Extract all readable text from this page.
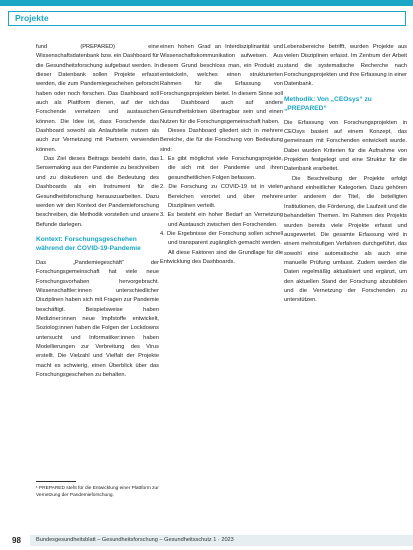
Projekte

fund (PREPARED) eine Wissenschaftsdatenbank bzw. ein Dashboard für die Gesundheitsforschung aufgebaut werden. In dieser Datenbank sollen Projekte erfasst werden, die zum Pandemiegeschehen geforscht haben oder noch forschen. Das Dashboard soll auch als Plattform dienen, auf der sich Forschende vernetzen und austauschen können. Die Idee ist, dass Forschende das Dashboard sowohl als Anlaufstelle nutzen als auch zur Vernetzung mit Partnern verwenden können.

Das Ziel dieses Beitrags besteht darin, das Sensemaking aus der Pandemie zu beschreiben und zu diskutieren und die Bedeutung des Dashboards als ein Instrument für die Gesundheitsforschung herauszuarbeiten. Dazu werden wir den Kontext der Pandemieforschung beschreiben, die Methodik vorstellen und unsere Befunde darlegen.

Kontext: Forschungsgeschehen während der COVID-19-Pandemie

Das „Pandemiegeschäft“ der Forschungsgemeinschaft hat viele neue Forschungsvorhaben hervorgebracht. Wissenschaftler:innen unterschiedlicher Disziplinen haben sich mit Fragen zur Pandemie beschäftigt. Beispielsweise haben Mediziner:innen neue Impfstoffe entwickelt, Soziolog:innen haben die Folgen der Lockdowns untersucht und Informatiker:innen haben Modellierungen zur Verbreitung des Virus erstellt. Die Vielzahl und Vielfalt der Projekte macht es schwierig, einen Überblick über das Forschungsgeschehen zu behalten.

einen hohen Grad an Interdisziplinarität und Wissenschaftskommunikation aufweisen. Aus diesem Grund beschloss man, ein Produkt zu entwickeln, welches einen strukturierten Rahmen für die Erfassung von Forschungsprojekten bietet. In diesem Sinne soll das Dashboard auch auf andere Gesundheitskrisen übertragbar sein und einen Nutzen für die Forschungsgemeinschaft haben.

Dieses Dashboard gliedert sich in mehrere Bereiche, die für die Forschung von Bedeutung sind:

1. Es gibt möglichst viele Forschungsprojekte, die sich mit der Pandemie und ihren gesundheitlichen Folgen befassen.

2. Die Forschung zu COVID-19 ist in vielen Bereichen verortet und über mehrere Disziplinen verteilt.

3. Es besteht ein hoher Bedarf an Vernetzung und Austausch zwischen den Forschenden.

4. Die Ergebnisse der Forschung sollen schnell und transparent zugänglich gemacht werden.

All diese Faktoren sind die Grundlage für die Entwicklung des Dashboards.

Lebensbereiche betrifft, wurden Projekte aus vielen Disziplinen erfasst. Im Zentrum der Arbeit stand die systematische Recherche nach Forschungsprojekten und ihre Erfassung in einer Datenbank.

Methodik: Von „CEOsys“ zu „PREPARED“

Die Erfassung von Forschungsprojekten in CEOsys basiert auf einem Konzept, das gemeinsam mit Forschenden entwickelt wurde. Dabei wurden Kriterien für die Aufnahme von Projekten festgelegt und eine Struktur für die Datenbank erarbeitet.

Die Beschreibung der Projekte erfolgt anhand einheitlicher Kategorien. Dazu gehören unter anderem der Titel, die beteiligten Institutionen, die Förderung, die Laufzeit und die behandelten Themen. Im Rahmen des Projekts wurden bereits viele Projekte erfasst und ausgewertet. Die gesamte Erfassung wird in einem mehrstufigen Verfahren durchgeführt, das sowohl eine automatische als auch eine manuelle Prüfung umfasst. Zudem werden die Daten regelmäßig aktualisiert und ergänzt, um den aktuellen Stand der Forschung abzubilden und die Vernetzung der Forschenden zu unterstützen.

¹ PREPARED steht für die Entwicklung einer Plattform zur Vernetzung der Pandemieforschung.
98	Bundesgesundheitsblatt – Gesundheitsforschung – Gesundheitsschutz 1 · 2023
